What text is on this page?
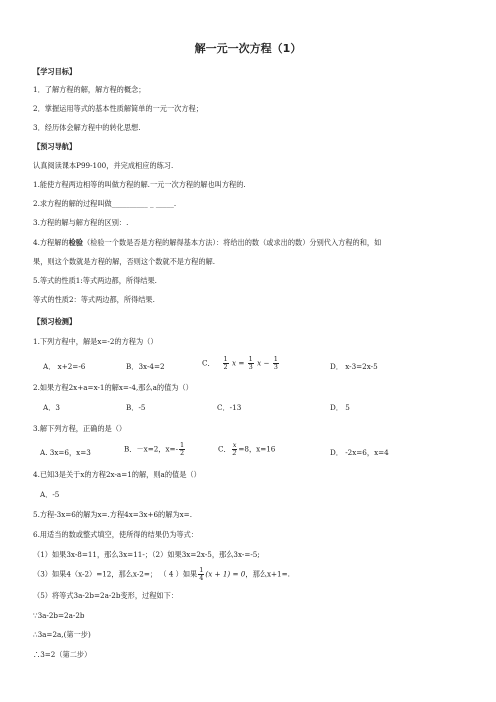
解一元一次方程（1）
【学习目标】
1．了解方程的解，解方程的概念；
2．掌握运用等式的基本性质解简单的一元一次方程；
3．经历体会解方程中的转化思想.
【预习导航】
认真阅读课本P99-100，并完成相应的练习.
1.能使方程两边相等的叫做方程的解.一元一次方程的解也叫方程的.
2.求方程的解的过程叫做__________ _ _____.
3.方程的解与解方程的区别：.
4.方程解的检验（检验一个数是否是方程的解得基本方法）：将给出的数（或求出的数）分别代入方程的和，如
果，则这个数就是方程的解，否则这个数就不是方程的解.
5.等式的性质1:等式两边都，所得结果.
等式的性质2：等式两边都，所得结果.
【预习检测】
1.下列方程中，解是x=-2的方程为（）
A． x+2=-6	B．3x-4=2	C． $\frac{1}{2}$ $x = \frac{1}{3}$ $x - \frac{1}{3}$	D． x-3=2x-5
2.如果方程2x+a=x-1的解x=-4,那么a的值为（）
A．3	B．-5	C．-13	D． 5
3.解下列方程，正确的是（）
A. 3x=6，x=3	B．－x=2，$x=- \frac{1}{2}$	C． $\frac{x}{2} =8$，x=16	D． -2x=6，x=4
4.已知3是关于x的方程2x-a=1的解，则a的值是（）
A．-5
5.方程-3x=6的解为x=.方程4x=3x+6的解为x=.
6.用适当的数或整式填空，使所得的结果仍为等式：
（1）如果3x-8=11，那么3x=11-；（2）如果3x=2x-5，那么3x-=-5;
（3）如果4（x-2）=12，那么x-2=； （ 4 ）如果 $\frac{1}{4} (x + 1) = 0$，那么x+1=.
（5）将等式3a-2b=2a-2b变形，过程如下：
∵3a-2b=2a-2b
∴3a=2a,(第一步)
∴3=2（第二步）
